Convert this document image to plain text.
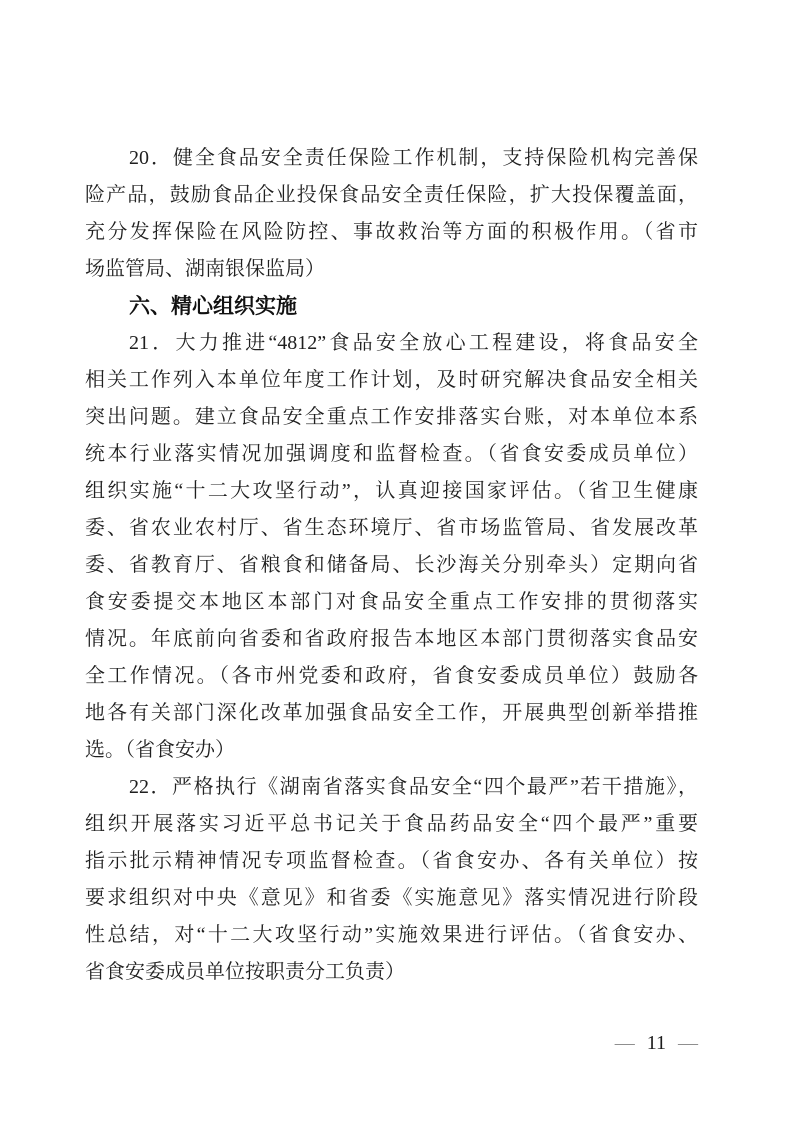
20．健全食品安全责任保险工作机制，支持保险机构完善保
险产品，鼓励食品企业投保食品安全责任保险，扩大投保覆盖面，
充分发挥保险在风险防控、事故救治等方面的积极作用。（省市
场监管局、湖南银保监局）
六、精心组织实施
21．大力推进“4812”食品安全放心工程建设，将食品安全
相关工作列入本单位年度工作计划，及时研究解决食品安全相关
突出问题。建立食品安全重点工作安排落实台账，对本单位本系
统本行业落实情况加强调度和监督检查。（省食安委成员单位）
组织实施“十二大攻坚行动”，认真迎接国家评估。（省卫生健康
委、省农业农村厅、省生态环境厅、省市场监管局、省发展改革
委、省教育厅、省粮食和储备局、长沙海关分别牵头）定期向省
食安委提交本地区本部门对食品安全重点工作安排的贯彻落实
情况。年底前向省委和省政府报告本地区本部门贯彻落实食品安
全工作情况。（各市州党委和政府，省食安委成员单位）鼓励各
地各有关部门深化改革加强食品安全工作，开展典型创新举措推
选。（省食安办）
22．严格执行《湖南省落实食品安全“四个最严”若干措施》，
组织开展落实习近平总书记关于食品药品安全“四个最严”重要
指示批示精神情况专项监督检查。（省食安办、各有关单位）按
要求组织对中央《意见》和省委《实施意见》落实情况进行阶段
性总结，对“十二大攻坚行动”实施效果进行评估。（省食安办、
省食安委成员单位按职责分工负责）
— 11 —
